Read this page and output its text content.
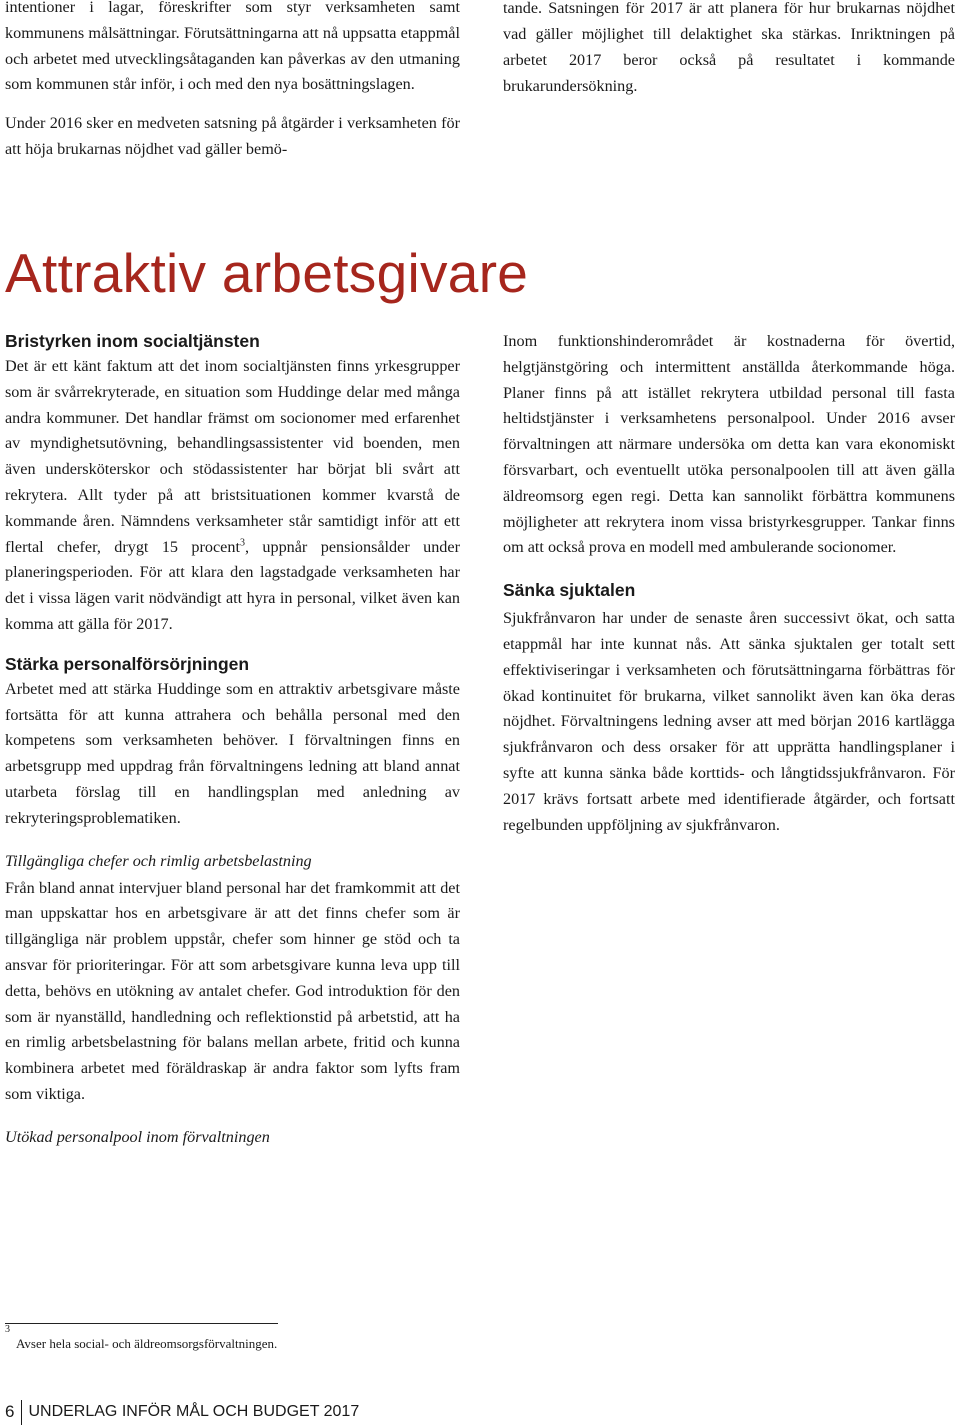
intentioner i lagar, föreskrifter som styr verksamheten samt kommunens målsättningar. Förutsättningarna att nå uppsatta etappmål och arbetet med utvecklingsåtaganden kan påverkas av den utmaning som kommunen står inför, i och med den nya bosättningslagen.

Under 2016 sker en medveten satsning på åtgärder i verksamheten för att höja brukarnas nöjdhet vad gäller bemö-

tande. Satsningen för 2017 är att planera för hur brukarnas nöjdhet vad gäller möjlighet till delaktighet ska stärkas. Inriktningen på arbetet 2017 beror också på resultatet i kommande brukarundersökning.

Attraktiv arbetsgivare
Bristyrken inom socialtjänsten

Det är ett känt faktum att det inom socialtjänsten finns yrkesgrupper som är svårrekryterade, en situation som Huddinge delar med många andra kommuner. Det handlar främst om socionomer med erfarenhet av myndighetsutövning, behandlingsassistenter vid boenden, men även undersköterskor och stödassistenter har börjat bli svårt att rekrytera. Allt tyder på att bristsituationen kommer kvarstå de kommande åren. Nämndens verksamheter står samtidigt inför att ett flertal chefer, drygt 15 procent$^3$, uppnår pensionsålder under planeringsperioden. För att klara den lagstadgade verksamheten har det i vissa lägen varit nödvändigt att hyra in personal, vilket även kan komma att gälla för 2017.

Stärka personalförsörjningen

Arbetet med att stärka Huddinge som en attraktiv arbetsgivare måste fortsätta för att kunna attrahera och behålla personal med den kompetens som verksamheten behöver. I förvaltningen finns en arbetsgrupp med uppdrag från förvaltningens ledning att bland annat utarbeta förslag till en handlingsplan med anledning av rekryteringsproblematiken.

Tillgängliga chefer och rimlig arbetsbelastning

Från bland annat intervjuer bland personal har det framkommit att det man uppskattar hos en arbetsgivare är att det finns chefer som är tillgängliga när problem uppstår, chefer som hinner ge stöd och ta ansvar för prioriteringar. För att som arbetsgivare kunna leva upp till detta, behövs en utökning av antalet chefer. God introduktion för den som är nyanställd, handledning och reflektionstid på arbetstid, att ha en rimlig arbetsbelastning för balans mellan arbete, fritid och kunna kombinera arbetet med föräldraskap är andra faktor som lyfts fram som viktiga.

Utökad personalpool inom förvaltningen

Inom funktionshinderområdet är kostnaderna för övertid, helgtjänstgöring och intermittent anställda återkommande höga. Planer finns på att istället rekrytera utbildad personal till fasta heltidstjänster i verksamhetens personalpool. Under 2016 avser förvaltningen att närmare undersöka om detta kan vara ekonomiskt försvarbart, och eventuellt utöka personalpoolen till att även gälla äldreomsorg egen regi. Detta kan sannolikt förbättra kommunens möjligheter att rekrytera inom vissa bristyrkesgrupper. Tankar finns om att också prova en modell med ambulerande socionomer.

Sänka sjuktalen

Sjukfrånvaron har under de senaste åren successivt ökat, och satta etappmål har inte kunnat nås. Att sänka sjuktalen ger totalt sett effektiviseringar i verksamheten och förutsättningarna förbättras för ökad kontinuitet för brukarna, vilket sannolikt även kan öka deras nöjdhet. Förvaltningens ledning avser att med början 2016 kartlägga sjukfrånvaron och dess orsaker för att upprätta handlingsplaner i syfte att kunna sänka både korttids- och långtidssjukfrånvaron. För 2017 krävs fortsatt arbete med identifierade åtgärder, och fortsatt regelbunden uppföljning av sjukfrånvaron.

$^3$Avser hela social- och äldreomsorgsförvaltningen.
6 UNDERLAG INFÖR MÅL OCH BUDGET 2017
